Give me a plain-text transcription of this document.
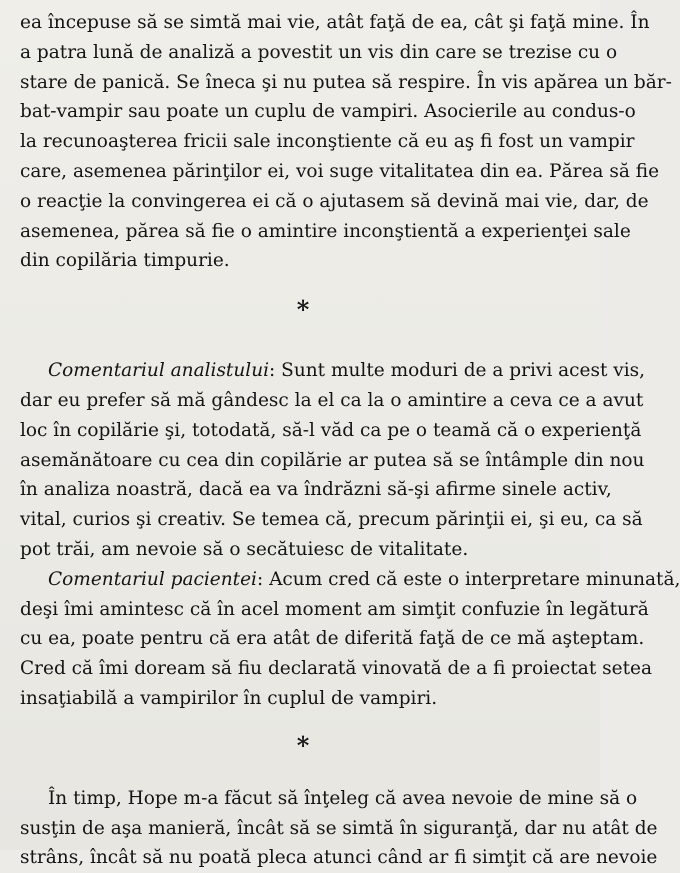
ea începuse să se simtă mai vie, atât faţă de ea, cât şi faţă mine. În
a patra lună de analiză a povestit un vis din care se trezise cu o
stare de panică. Se îneca şi nu putea să respire. În vis apărea un băr-
bat-vampir sau poate un cuplu de vampiri. Asocierile au condus-o
la recunoaşterea fricii sale inconştiente că eu aş fi fost un vampir
care, asemenea părinţilor ei, voi suge vitalitatea din ea. Părea să fie
o reacţie la convingerea ei că o ajutasem să devină mai vie, dar, de
asemenea, părea să fie o amintire inconştientă a experienţei sale
din copilăria timpurie.

*

Comentariul analistului: Sunt multe moduri de a privi acest vis,
dar eu prefer să mă gândesc la el ca la o amintire a ceva ce a avut
loc în copilărie şi, totodată, să-l văd ca pe o teamă că o experienţă
asemănătoare cu cea din copilărie ar putea să se întâmple din nou
în analiza noastră, dacă ea va îndrăzni să-şi afirme sinele activ,
vital, curios şi creativ. Se temea că, precum părinţii ei, şi eu, ca să
pot trăi, am nevoie să o secătuiesc de vitalitate.

Comentariul pacientei: Acum cred că este o interpretare minunată,
deşi îmi amintesc că în acel moment am simţit confuzie în legătură
cu ea, poate pentru că era atât de diferită faţă de ce mă aşteptam.
Cred că îmi doream să fiu declarată vinovată de a fi proiectat setea
insaţiabilă a vampirilor în cuplul de vampiri.

*

În timp, Hope m-a făcut să înţeleg că avea nevoie de mine să o
susţin de aşa manieră, încât să se simtă în siguranţă, dar nu atât de
strâns, încât să nu poată pleca atunci când ar fi simţit că are nevoie
